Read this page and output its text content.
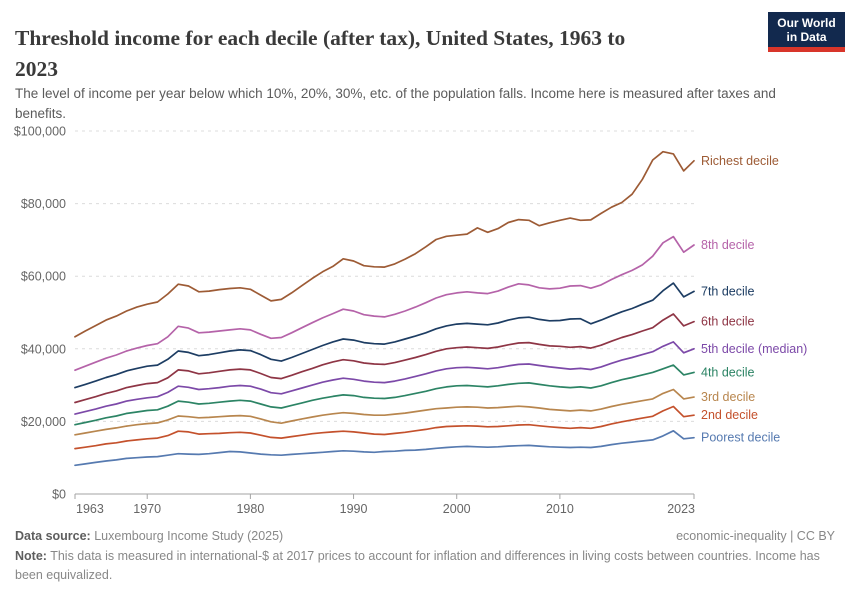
Threshold income for each decile (after tax), United States, 1963 to
2023
Our World
in Data

The level of income per year below which 10%, 20%, 30%, etc. of the population falls. Income here is measured after taxes and benefits.

$0
$20,000
$40,000
$60,000
$80,000
$100,000
1963 1970	1980	1990	2000	2010	2023
Richest decile
8th decile
7th decile
6th decile
5th decile (median)
4th decile
3rd decile
2nd decile
Poorest decile
Data source: Luxembourg Income Study (2025)	economic-inequality | CC BY
Note: This data is measured in international-$ at 2017 prices to account for inflation and differences in living costs between countries. Income has been equivalized.
